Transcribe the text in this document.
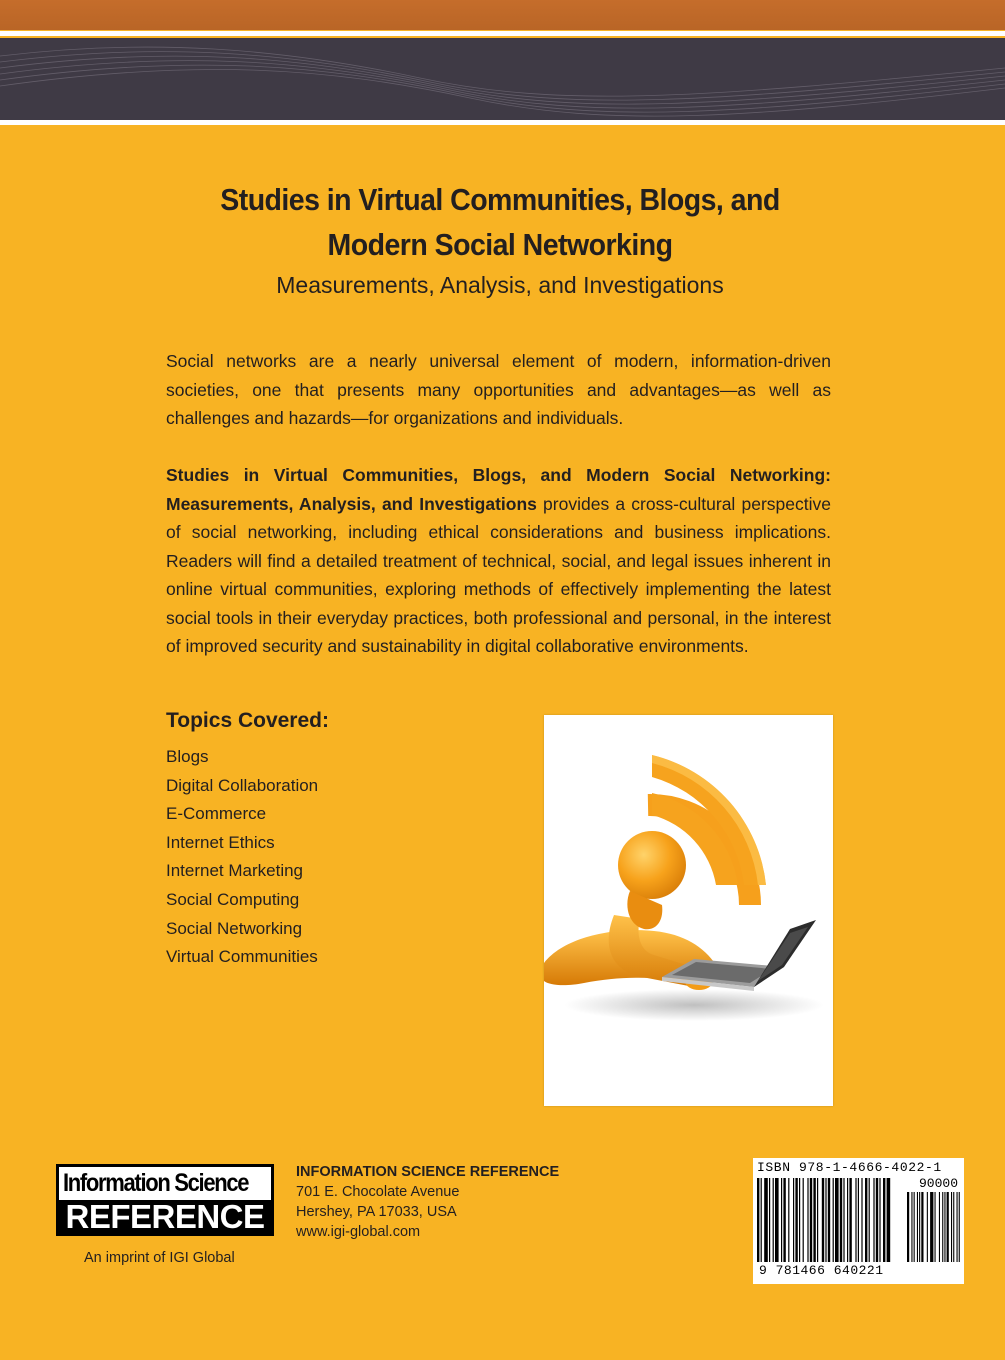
Studies in Virtual Communities, Blogs, and
Modern Social Networking
Measurements, Analysis, and Investigations
Social networks are a nearly universal element of modern, information-driven societies, one that presents many opportunities and advantages—as well as challenges and hazards—for organizations and individuals.
Studies in Virtual Communities, Blogs, and Modern Social Networking: Measurements, Analysis, and Investigations provides a cross-cultural perspective of social networking, including ethical considerations and business implications. Readers will find a detailed treatment of technical, social, and legal issues inherent in online virtual communities, exploring methods of effectively implementing the latest social tools in their everyday practices, both professional and personal, in the interest of improved security and sustainability in digital collaborative environments.
Topics Covered:
Blogs
Digital Collaboration
E-Commerce
Internet Ethics
Internet Marketing
Social Computing
Social Networking
Virtual Communities
Information Science
REFERENCE
An imprint of IGI Global
INFORMATION SCIENCE REFERENCE
701 E. Chocolate Avenue
Hershey, PA 17033, USA
www.igi-global.com
ISBN 978-1-4666-4022-1
90000
9 781466 640221
